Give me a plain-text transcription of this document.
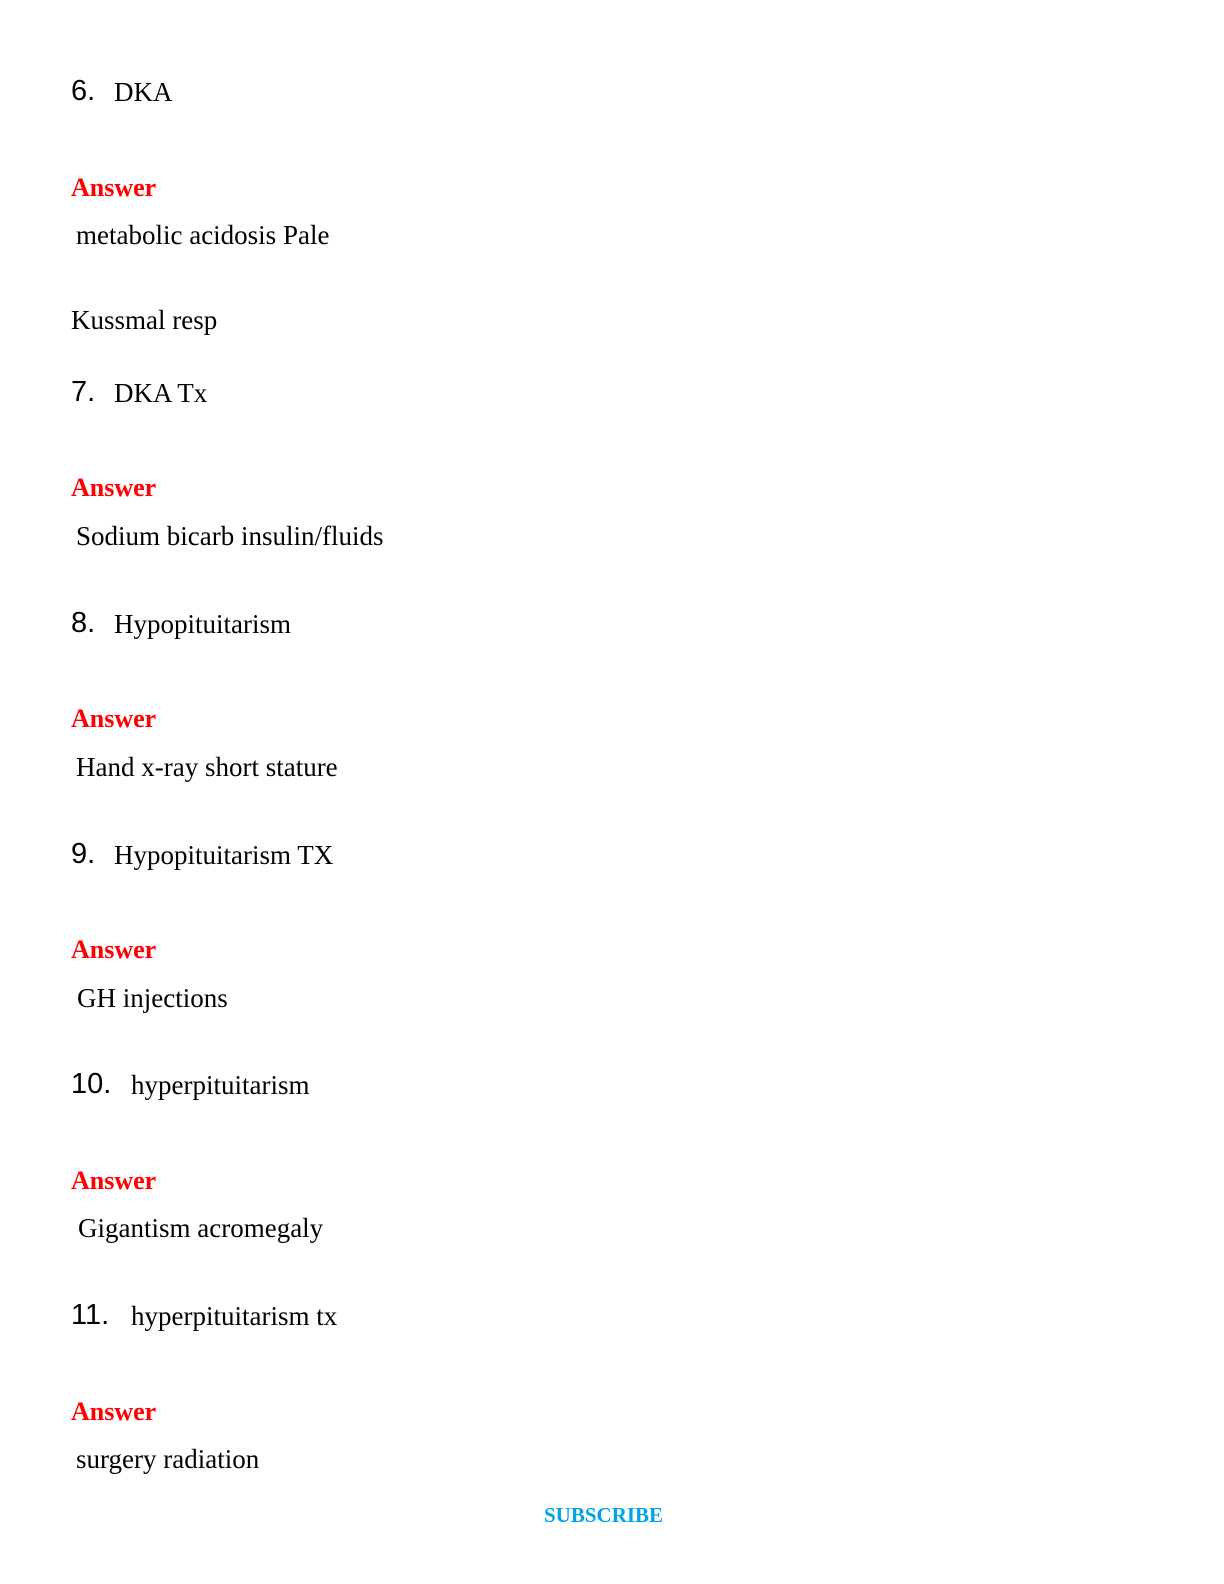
6. DKA
Answer
metabolic acidosis Pale
Kussmal resp
7. DKA Tx
Answer
Sodium bicarb insulin/fluids
8. Hypopituitarism
Answer
Hand x-ray short stature
9. Hypopituitarism TX
Answer
GH injections
10. hyperpituitarism
Answer
Gigantism acromegaly
11. hyperpituitarism tx
Answer
surgery radiation
SUBSCRIBE
